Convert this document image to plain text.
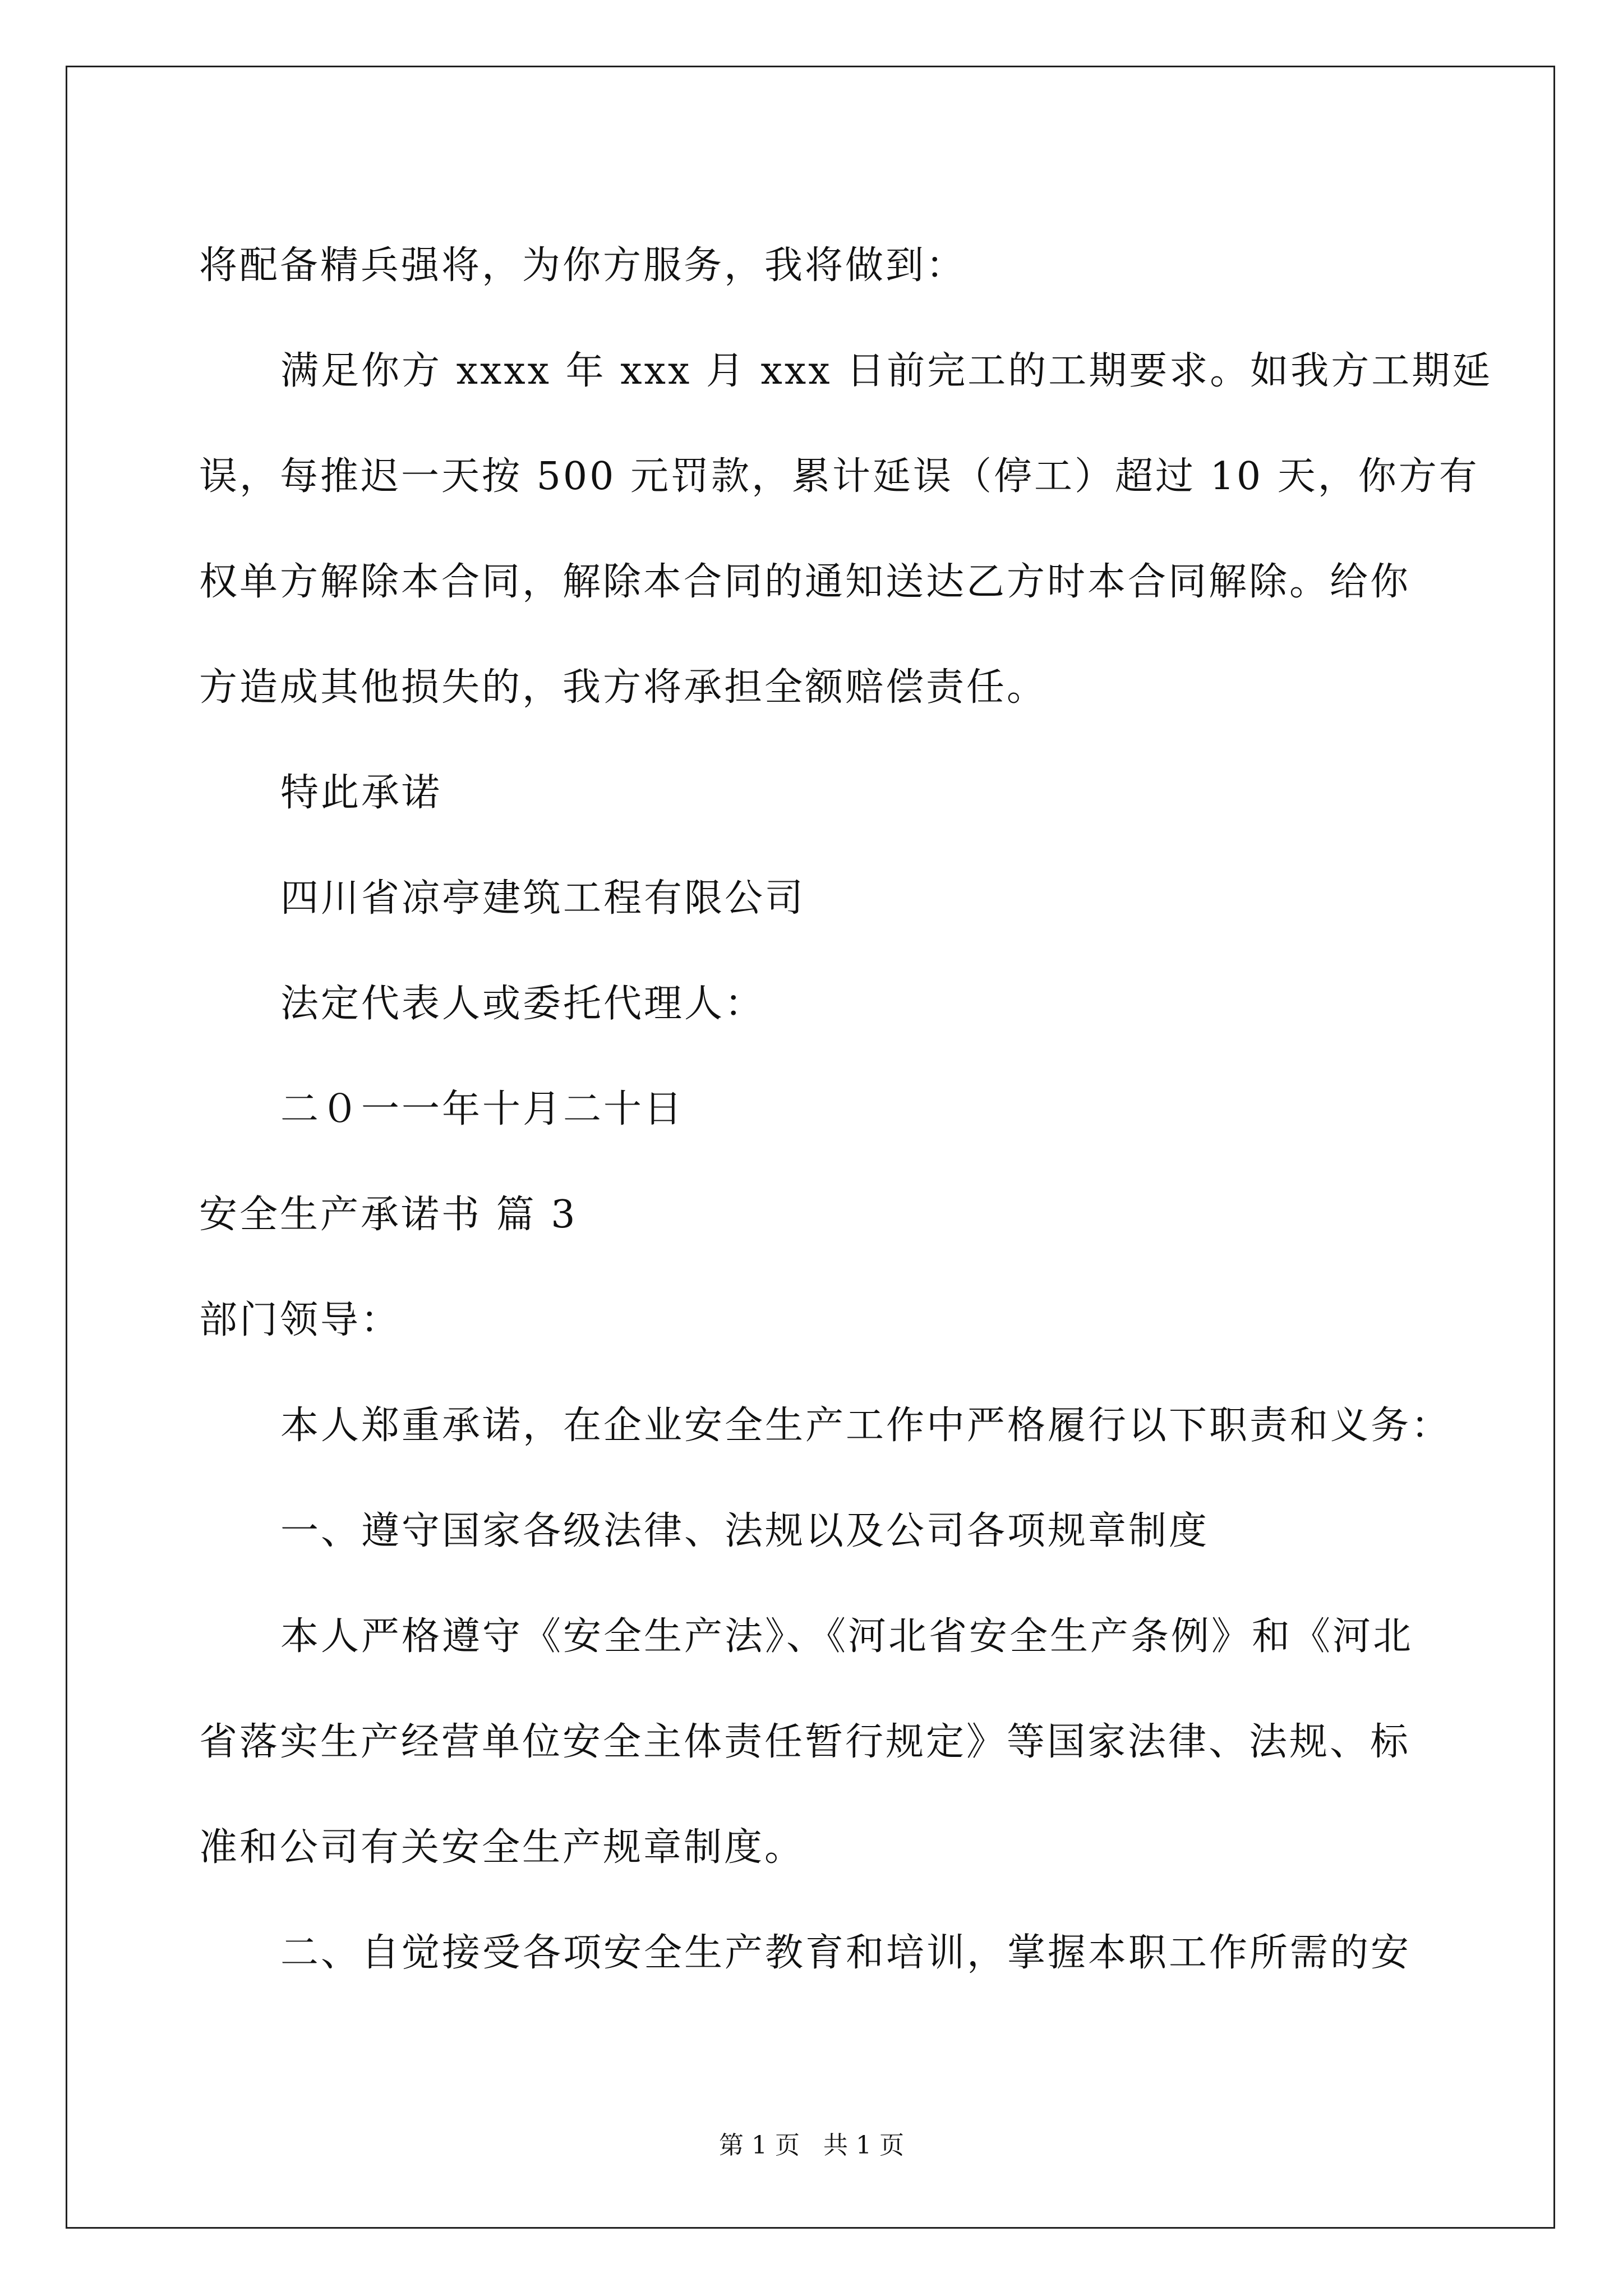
将配备精兵强将，为你方服务，我将做到：
满足你方 xxxx 年 xxx 月 xxx 日前完工的工期要求。如我方工期延
误，每推迟一天按 500 元罚款，累计延误（停工）超过 10 天，你方有
权单方解除本合同，解除本合同的通知送达乙方时本合同解除。给你
方造成其他损失的，我方将承担全额赔偿责任。
特此承诺
四川省凉亭建筑工程有限公司
法定代表人或委托代理人：
二０一一年十月二十日
安全生产承诺书 篇 3
部门领导：
本人郑重承诺，在企业安全生产工作中严格履行以下职责和义务：
一、遵守国家各级法律、法规以及公司各项规章制度
本人严格遵守《安全生产法》、《河北省安全生产条例》和《河北
省落实生产经营单位安全主体责任暂行规定》等国家法律、法规、标
准和公司有关安全生产规章制度。
二、自觉接受各项安全生产教育和培训，掌握本职工作所需的安
第 1 页   共 1 页
